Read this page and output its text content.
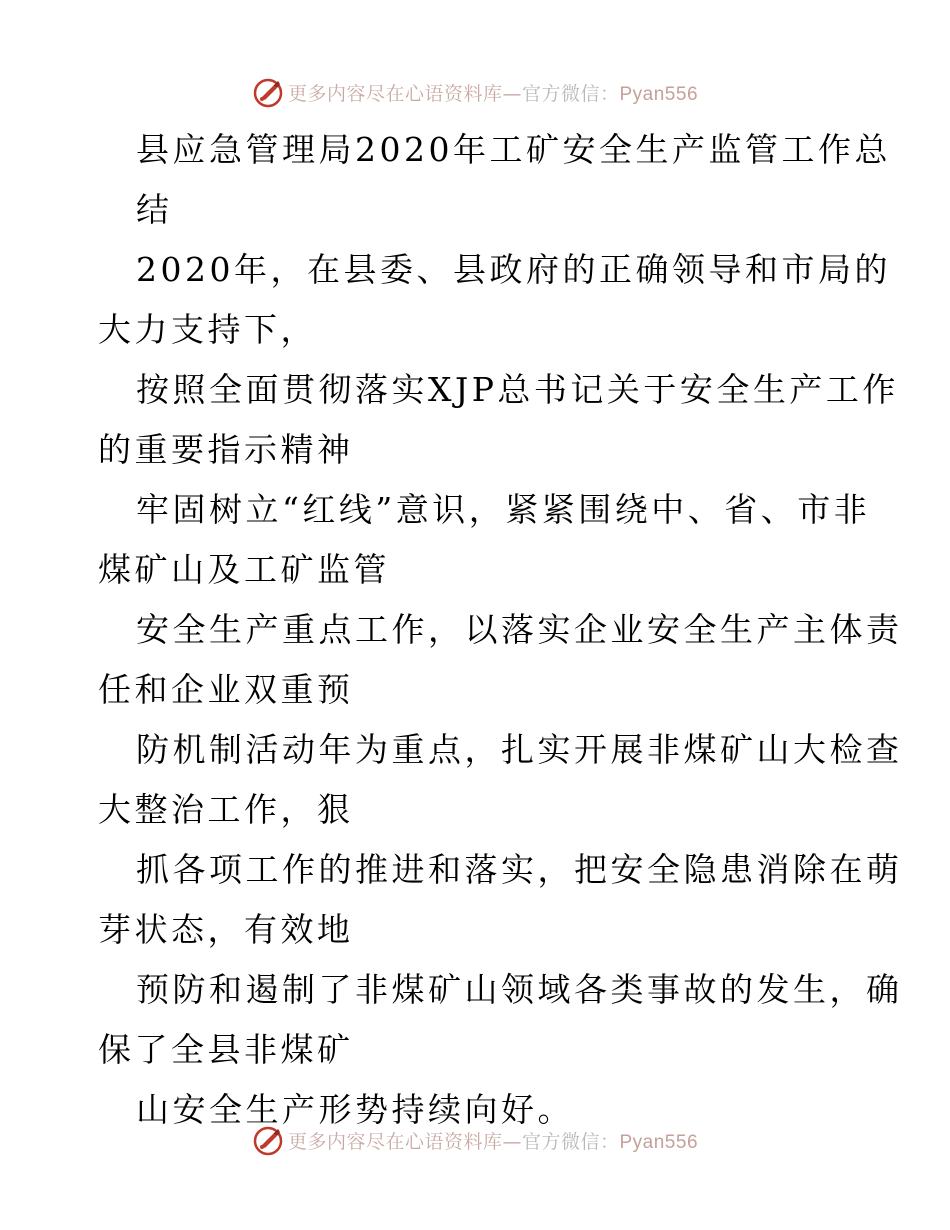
更多内容尽在心语资料库—官方微信：Pyan556
县应急管理局2020年工矿安全生产监管工作总
结
2020年，在县委、县政府的正确领导和市局的
大力支持下，
按照全面贯彻落实XJP总书记关于安全生产工作
的重要指示精神
牢固树立“红线”意识，紧紧围绕中、省、市非
煤矿山及工矿监管
安全生产重点工作，以落实企业安全生产主体责
任和企业双重预
防机制活动年为重点，扎实开展非煤矿山大检查
大整治工作，狠
抓各项工作的推进和落实，把安全隐患消除在萌
芽状态，有效地
预防和遏制了非煤矿山领域各类事故的发生，确
保了全县非煤矿
山安全生产形势持续向好。
更多内容尽在心语资料库—官方微信：Pyan556
